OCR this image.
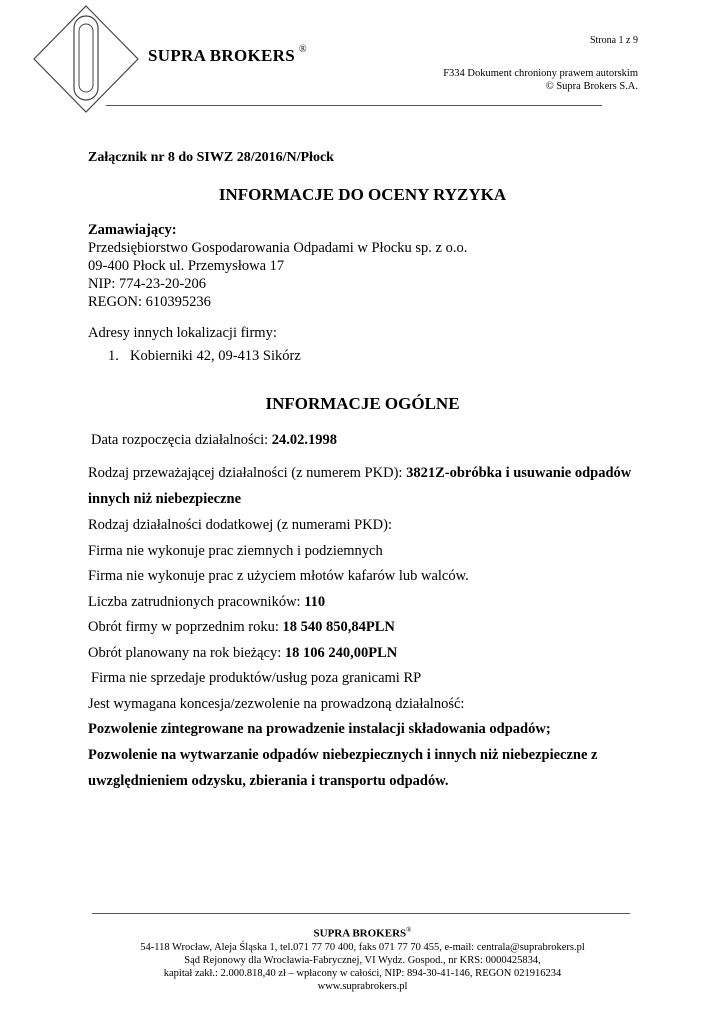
SUPRA BROKERS ®
Strona 1 z 9
F334 Dokument chroniony prawem autorskim
© Supra Brokers S.A.
Załącznik nr 8 do SIWZ 28/2016/N/Płock
INFORMACJE DO OCENY RYZYKA
Zamawiający:
Przedsiębiorstwo Gospodarowania Odpadami w Płocku sp. z o.o.
09-400 Płock ul. Przemysłowa 17
NIP: 774-23-20-206
REGON: 610395236
Adresy innych lokalizacji firmy:
1. Kobierniki 42, 09-413 Sikórz
INFORMACJE OGÓLNE
Data rozpoczęcia działalności: 24.02.1998
Rodzaj przeważającej działalności (z numerem PKD): 3821Z-obróbka i usuwanie odpadów
innych niż niebezpieczne
Rodzaj działalności dodatkowej (z numerami PKD):
Firma nie wykonuje prac ziemnych i podziemnych
Firma nie wykonuje prac z użyciem młotów kafarów lub walców.
Liczba zatrudnionych pracowników: 110
Obrót firmy w poprzednim roku: 18 540 850,84PLN
Obrót planowany na rok bieżący: 18 106 240,00PLN
Firma nie sprzedaje produktów/usług poza granicami RP
Jest wymagana koncesja/zezwolenie na prowadzoną działalność:
Pozwolenie zintegrowane na prowadzenie instalacji składowania odpadów;
Pozwolenie na wytwarzanie odpadów niebezpiecznych i innych niż niebezpieczne z
uwzględnieniem odzysku, zbierania i transportu odpadów.
SUPRA BROKERS®
54-118 Wrocław, Aleja Śląska 1, tel.071 77 70 400, faks 071 77 70 455, e-mail: centrala@suprabrokers.pl
Sąd Rejonowy dla Wrocławia-Fabrycznej, VI Wydz. Gospod., nr KRS: 0000425834,
kapitał zakł.: 2.000.818,40 zł – wpłacony w całości, NIP: 894-30-41-146, REGON 021916234
www.suprabrokers.pl
